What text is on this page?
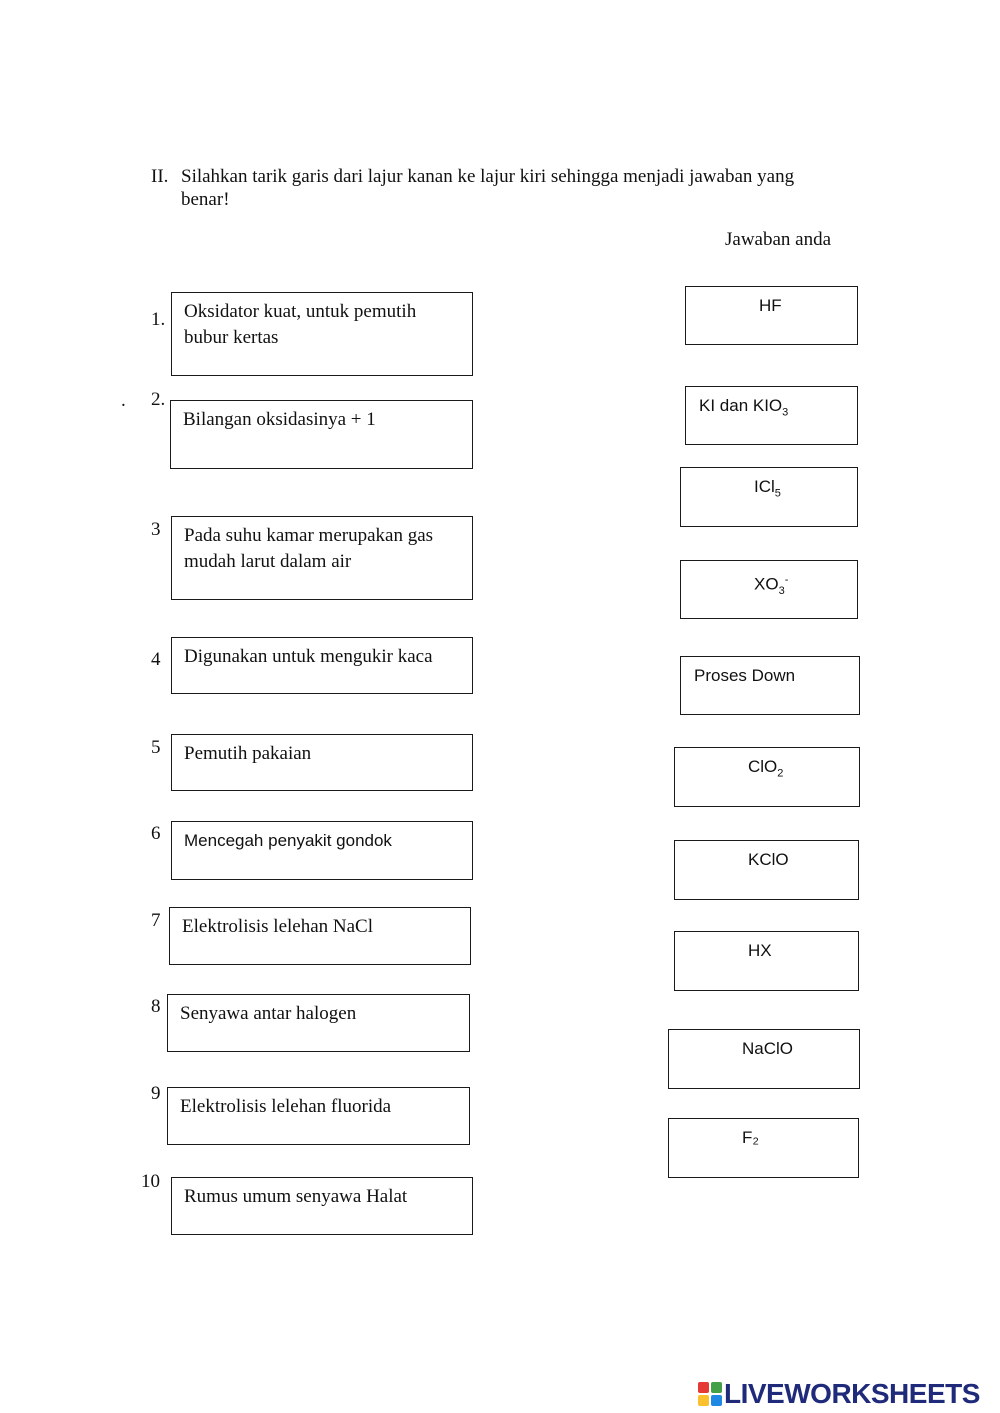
II. Silahkan tarik garis dari lajur kanan ke lajur kiri sehingga menjadi jawaban yang
benar!
Jawaban anda
.
1.
2.
3
4
5
6
7
8
9
10
Oksidator kuat, untuk pemutih
bubur kertas
Bilangan oksidasinya + 1
Pada suhu kamar merupakan gas
mudah larut dalam air
Digunakan untuk mengukir kaca
Pemutih pakaian
Mencegah penyakit gondok
Elektrolisis lelehan NaCl
Senyawa antar halogen
Elektrolisis lelehan fluorida
Rumus umum senyawa Halat
HF
KI dan $KIO_3$
ICl$_5$
$XO_3^-$
Proses Down
ClO$_2$
KClO
HX
NaClO
F₂
LIVEWORKSHEETS
